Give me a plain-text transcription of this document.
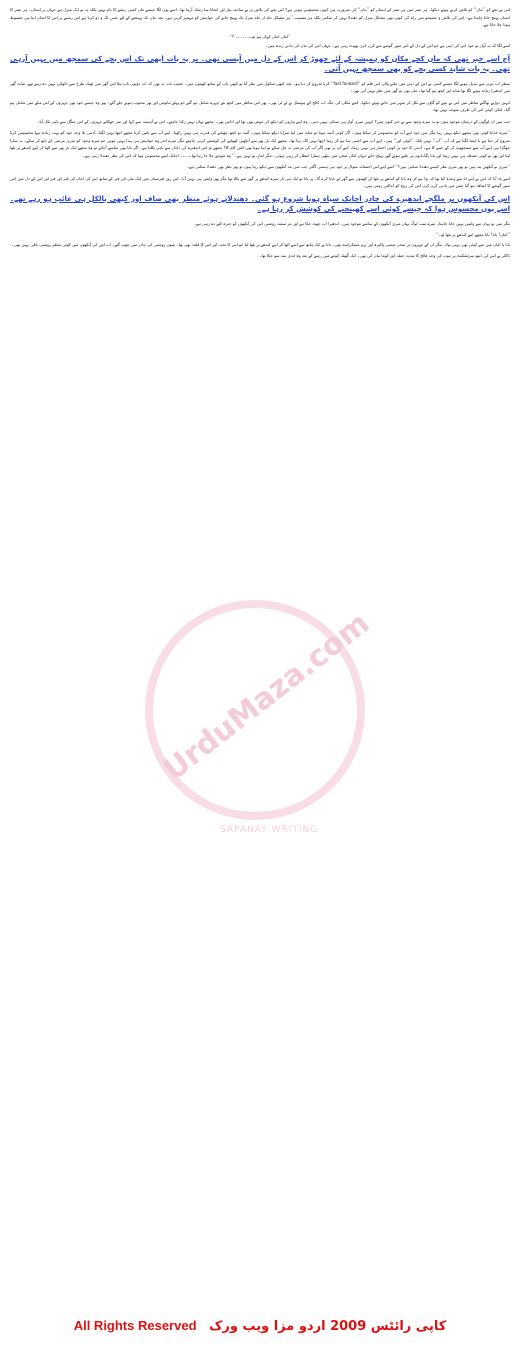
اس نے بچے کو ’’ماں‘‘ کو تلاش کرتے ہوئے دیکھا۔ ہر عمر میں ہر عمر کے انسان کو ’’ماں‘‘ کی ضرورت ہی کیوں محسوس ہوتی ہے؟ اس بچے کی تلاش پر بے ساختہ پیار اور انجانا سا رشک آرہا تھا۔ اسے یوں لگا جیسے ماں کسی رشتے کا نام نہیں بلکہ یہ تو ایک منزل ہے جہاں پر انسان۔ ہر عمر کا انسان پہنچ جانا چاہتا ہے۔ اس کی تلاش و جستجو میں راہ کی کوئی بھی مشکل منزل کو دھندلا نہیں کر سکتی بلکہ ہر مصیبت ’’ہر مشکل جلد از جلد منزل تک پہنچ جانے کی خواہش کو مہمیز کرتی ہے۔ بچہ ماں تک پہنچنے کے لئے جتنی تگ و دو کرتا ہے اس رشتے پر اس کا ایمان اتنا ہی مضبوط ہوتا چلا جاتا ہے۔

’’اماں اماں کہاں ہو تم۔۔۔۔۔۔۔ ؟‘‘

اسے لگا کہ یہ آواز تو خود اس کی اپنی ہے جو اس کے دل کے اس منور گوشے سے کرن کرن پھوٹ رہی ہے۔ جہاں اس کی ماں کی یادیں زندہ ہیں۔

آج اسے خبر تھی کہ ماں کچے مکان کو ہمیشہ کے لئے چھوڑ کر اس کے دل میں آبسی تھی۔ پر یہ بات ابھی تک اس بچے کی سمجھ میں نہیں آرہی تھی۔ یہ بات شاید کسی بچے کو بھی سمجھ نہیں آتی۔

منظر اب تیزی سے تبدیل ہونے لگا جیسے کسی نے اس کے ذہن میں چلنے والی اس فلم کو ’’fast forward‘‘ کرنا شروع کر دیا ہو۔ بچہ کبھی سکول میں نظر آتا تو کبھی باپ کے ساتھ کھیتوں میں۔ عجیب بات یہ تھی کہ اب دونوں باپ بیٹا اس گھر میں ٹھیک طرح سے دکھائی نہیں دے رہے تھے، شاید گھر میں اندھیرا زیادہ ہونے لگا تھا شاید اور کچھ ہو گیا تھا۔ ماں بھی تو گھر میں نظر نہیں آتی تھی۔

انہیں دوڑتے بھاگتے مناظر میں اس نے بچے کو گاؤں سے نکل کر شہر میں جاتے ہوئے دیکھا۔ کچے مکان کی جگہ اب کالج کے ہوسٹل نے لے لی تھی۔ پھر اس مناظر میں کچھ نئے چہرے شامل ہو گئے جو پہلے مانوس اور پھر محبوب ہوتے چلے گئے۔ پھر وہ جیسے خود بھی چہروں کے اس میلے میں شامل ہو گیا۔ لیکن کوئی اس کی طرف متوجہ نہیں تھا۔

جب میں ان لوگوں کے درمیان موجود ہوں تو یہ میرے وجود سے بے خبر کیوں ہیں؟ انہیں میری آواز ہی سنائی نہیں دیتی۔ وہ اپنے پیاروں کو دیکھ کر خوش بھی تھا اور اداس بھی۔ مجھے یہاں نہیں رکنا چاہئے۔ اس نے آہستہ سے کہا اور سر جھکائے چہروں کے اس جنگل سے باہر نکل آیا۔

’’میرے خدایا کوئی بھی مجھے دیکھ نہیں رہا مگر میں خود اپنے آپ کو محسوس کر سکتا ہوں۔ اگر کوئی آئینہ ہوتا تو شاید میں اپنا سراپا دیکھ سکتا ہوں۔ آئینہ تو کچھ چھپانے کی قدرت ہی نہیں رکھتا۔ اپنے آپ سے باتیں کرنا مجھے اچھا نہیں لگتا۔ آدمی بلا وجہ خود کو بہت زیادہ تنہا محسوس کرنا شروع کر دیتا ہے یا ایسا لگتا ہے کہ آپ ’’آپ‘‘ نہیں بلکہ ’’کوئی اور‘‘ ہیں۔ اپنے آپ سے اجنبی سا ہو کر رہنا اچھا نہیں لگ رہا تھا۔ مجھے ایک بار پھر سے آنکھیں کھولنے کی کوشش کرنی چاہئے مگر میرے اندر وہ خواہش ہی پیدا نہیں ہوتی جو میرے وجود کو میری مرضی کے تابع کر سکے۔ یہ سارا جھگڑا ہی اپنے آپ سے سمجھوتہ کر کے جینے کا ہے۔ آدمی کا خود پر کوئی اختیار ہی نہیں رہتا۔ اپنے آپ پر بھی اگر آپ کی مرضی نہ چل سکے تو اپنا ہونا بھی کس کام کا؟ مجھے تو اس اندھیرے کی دلدل سے باہر نکلنا ہے۔ اگر بابا بھی سامنے آجائے تو وہ مجھے ایک بار پھر سے اٹھا کر اپنے کندھے پر بٹھا لیتا اور پھر تو کوئی مسئلہ ہی نہیں رہتا اور بابا پگڈنڈیوں پر چلتے ہوئے گھر پہنچ جاتے جہاں اماں صحن میں بیٹھی ہمارا انتظار کر رہی ہوتی۔ مگر اماں تو نہیں ہے۔‘‘ وہ سوچے چلا جا رہا تھا۔۔۔۔۔ اچانک اسے محسوس ہوا کہ اس کی نظر دھندلا رہی ہے۔

’’میری تو آنکھیں بند ہیں تو پھر میری نظر کیسے دھندلا سکتی ہیں؟‘‘ اسے اپنے اس احمقانہ سوال پر خود ہی ہنسی آگئی جب میں بند آنکھوں سے دیکھ رہا ہوں تو پھر نظر بھی دھندلا سکتی ہے۔

اسے یاد آیا کہ اس نے اپنے ابا سے وعدہ کیا تھا کہ بڑا ہو کر وہ بابا کو کندھے پر بٹھا کر کھیتوں سے گھر لے جایا کرے گا۔ پر بابا تو ایک ہی بار میرے کندھے پر گھر سے نکلا تھا مگر پھر واپس ہی نہیں آیا۔ اس روز قبرستان میں ایک مٹی کی قبر کے ساتھ اس کی اماں کی قبر اور قبر اور اس کے دل میں اس منور گوشے کا اضافہ ہو گیا جس میں یادیں کرن کرن اس کی روح کو اجالتی رہتی ہیں۔

اس کی آنکھوں پر ملگجے اندھیرے کی چادر اچانک سیاہ ہونا شروع ہو گئی۔ دھندلاتے ہوئے منظر بھی صاف اور کبھی بالکل ہی غائب ہو رہے تھے۔ اسے یوں محسوس ہوا کہ جیسے کوئی اسے کھینچنے کی کوشش کر رہا ہے۔

مگر میں تو یہاں سے واپس نہیں جانا چاہتا۔ میرے سب لوگ یہاں میری آنکھوں کے سامنے موجود ہیں۔ اندھیرا اب چھٹ چکا ہے اور تیز سفید روشنی اس کی آنکھوں کو خیرہ کئے دے رہی ہے۔

’’اماں! بابا! بابا مجھے اپنے کندھے پر بٹھا لو۔‘‘

بابا یا اماں میں سے کوئی بھی نہیں بولا۔ مگر ان کے چہروں پر سحر جیسی پاکیزہ اور نرم مسکراہٹ تھی۔ بابا نے ایک ہاتھ سے اسے اٹھا کر اپنے کندھے پر بٹھا لیا جو اس کا تخت اور اس کا قلعہ بھی تھا۔ تینوں روشنی کی چادر میں چھپ گئے۔ اب اس کی آنکھوں میں کوئی منظر روشنی باقی نہیں تھی۔

ڈاکٹر نے اس کی ڈیتھ سرٹیفکیٹ پر موت کی وجہ فالج کا شدید حملہ اور کوما بیان کی تھی۔ ایک گھنٹہ کومے میں رہنے کے بعد وہ ابدی نیند سو چکا تھا۔

UrduMaza.com
SAPANAY WRITING
کاپی رائٹس 2009 اردو مزا ویب ورک All Rights Reserved
